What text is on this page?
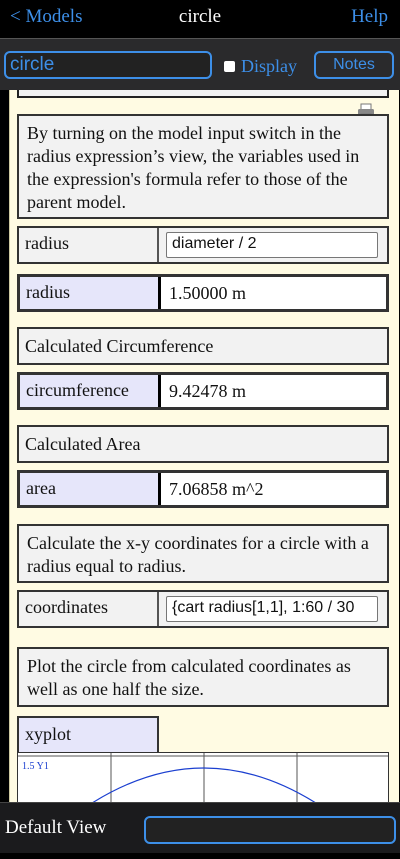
< Models	circle	Help
circle	Display	Notes
By turning on the model input switch in the radius expression’s view, the variables used in the expression's formula refer to those of the parent model.
radius	diameter / 2
radius	1.50000 m
Calculated Circumference
circumference	9.42478 m
Calculated Area
area	7.06858 m^2
Calculate the x-y coordinates for a circle with a radius equal to radius.
coordinates	{cart radius[1,1], 1:60 / 30
Plot the circle from calculated coordinates as well as one half the size.
xyplot
1.5 Y1
Default View
